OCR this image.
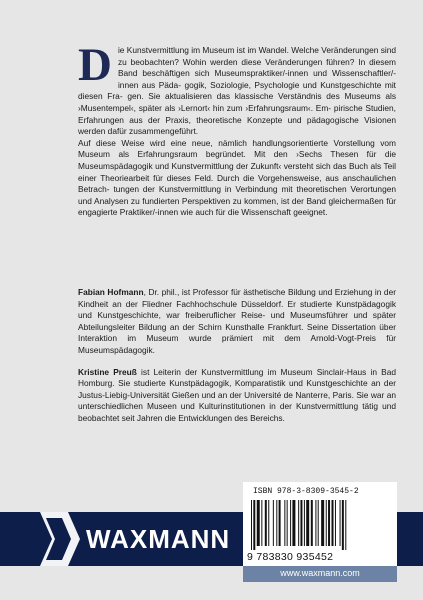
D ie Kunstvermittlung im Museum ist im Wandel. Welche Veränderungen sind zu beobachten? Wohin werden diese Veränderungen führen? In diesem Band beschäftigen sich Museumspraktiker/-innen und Wissenschaftler/-innen aus Päda- gogik, Soziologie, Psychologie und Kunstgeschichte mit diesen Fra- gen. Sie aktualisieren das klassische Verständnis des Museums als ›Musentempel‹, später als ›Lernort‹ hin zum ›Erfahrungsraum‹. Em- pirische Studien, Erfahrungen aus der Praxis, theoretische Konzepte und pädagogische Visionen werden dafür zusammengeführt.

Auf diese Weise wird eine neue, nämlich handlungsorientierte Vorstellung vom Museum als Erfahrungsraum begründet. Mit den ›Sechs Thesen für die Museumspädagogik und Kunstvermittlung der Zukunft‹ versteht sich das Buch als Teil einer Theoriearbeit für dieses Feld. Durch die Vorgehensweise, aus anschaulichen Betrach- tungen der Kunstvermittlung in Verbindung mit theoretischen Verortungen und Analysen zu fundierten Perspektiven zu kommen, ist der Band gleichermaßen für engagierte Praktiker/-innen wie auch für die Wissenschaft geeignet.

Fabian Hofmann, Dr. phil., ist Professor für ästhetische Bildung und Erziehung in der Kindheit an der Fliedner Fachhochschule Düsseldorf. Er studierte Kunstpädagogik und Kunstgeschichte, war freiberuflicher Reise- und Museumsführer und später Abteilungsleiter Bildung an der Schirn Kunsthalle Frankfurt. Seine Dissertation über Interaktion im Museum wurde prämiert mit dem Arnold-Vogt-Preis für Museumspädagogik.

Kristine Preuß ist Leiterin der Kunstvermittlung im Museum Sinclair-Haus in Bad Homburg. Sie studierte Kunstpädagogik, Komparatistik und Kunstgeschichte an der Justus-Liebig-Universität Gießen und an der Université de Nanterre, Paris. Sie war an unterschiedlichen Museen und Kulturinstitutionen in der Kunstvermittlung tätig und beobachtet seit Jahren die Entwicklungen des Bereichs.

WAXMANN
ISBN 978-3-8309-3545-2
9 783830 935452
www.waxmann.com
